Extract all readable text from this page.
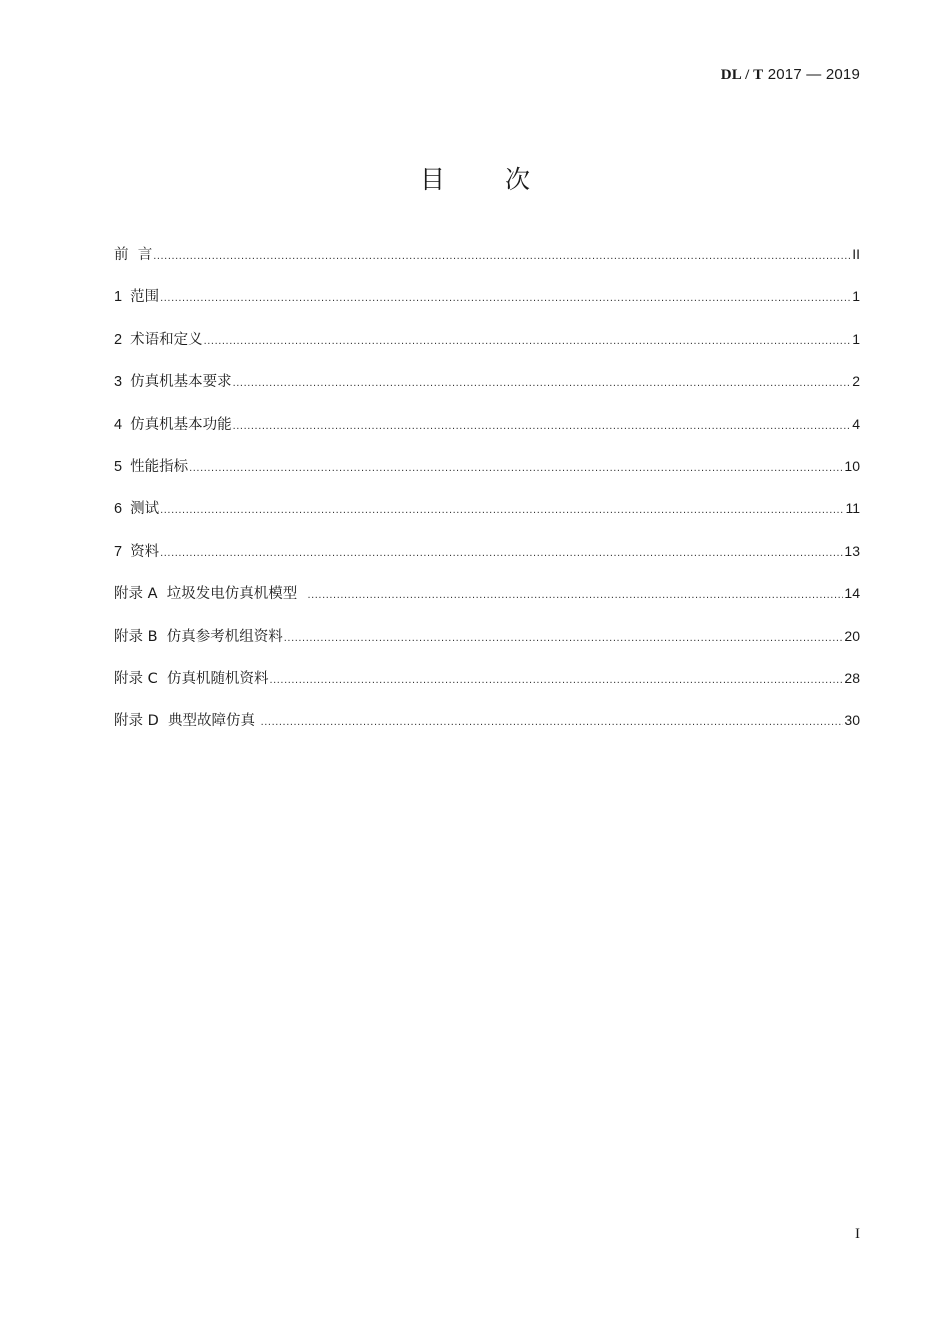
DL / T 2017 — 2019
目 次
前  言 .....	II
1 范围 .....	1
2 术语和定义 .....	1
3 仿真机基本要求 .....	2
4 仿真机基本功能 .....	4
5 性能指标 .....	10
6 测试 .....	11
7 资料 .....	13
附录 A  垃圾发电仿真机模型 .....	14
附录 B  仿真参考机组资料 .....	20
附录 C  仿真机随机资料 .....	28
附录 D  典型故障仿真 .....	30
I
